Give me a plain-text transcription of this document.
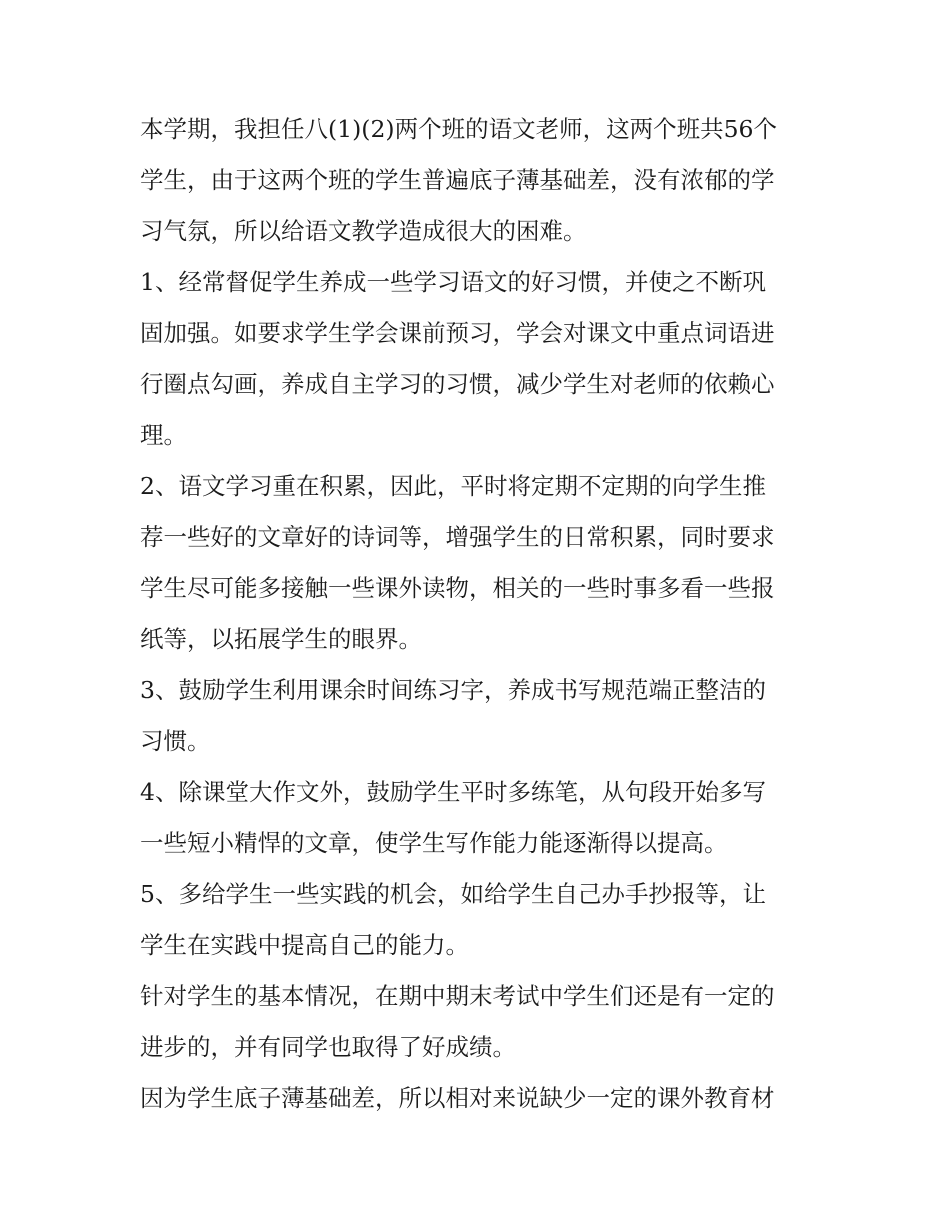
本学期，我担任八(1)(2)两个班的语文老师，这两个班共56个
学生，由于这两个班的学生普遍底子薄基础差，没有浓郁的学
习气氛，所以给语文教学造成很大的困难。
1、经常督促学生养成一些学习语文的好习惯，并使之不断巩
固加强。如要求学生学会课前预习，学会对课文中重点词语进
行圈点勾画，养成自主学习的习惯，减少学生对老师的依赖心
理。
2、语文学习重在积累，因此，平时将定期不定期的向学生推
荐一些好的文章好的诗词等，增强学生的日常积累，同时要求
学生尽可能多接触一些课外读物，相关的一些时事多看一些报
纸等，以拓展学生的眼界。
3、鼓励学生利用课余时间练习字，养成书写规范端正整洁的
习惯。
4、除课堂大作文外，鼓励学生平时多练笔，从句段开始多写
一些短小精悍的文章，使学生写作能力能逐渐得以提高。
5、多给学生一些实践的机会，如给学生自己办手抄报等，让
学生在实践中提高自己的能力。
针对学生的基本情况，在期中期末考试中学生们还是有一定的
进步的，并有同学也取得了好成绩。
因为学生底子薄基础差，所以相对来说缺少一定的课外教育材
